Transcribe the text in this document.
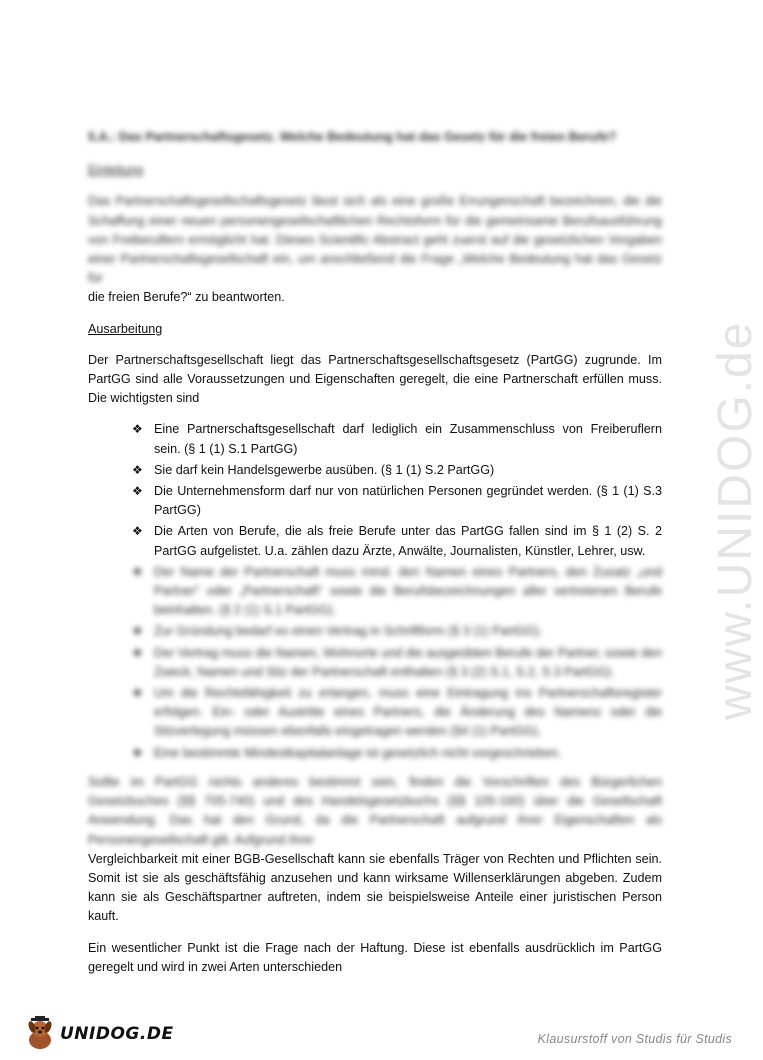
www.UNIDOG.de
5.A.: Das Partnerschaftsgesetz. Welche Bedeutung hat das Gesetz für die freien Berufe?
Einleitung

Das Partnerschaftsgesellschaftsgesetz lässt sich als eine große Errungenschaft bezeichnen, die die Schaffung einer neuen personengesellschaftlichen Rechtsform für die gemeinsame Berufsausführung von Freiberuflern ermöglicht hat. Dieses Scientific Abstract geht zuerst auf die gesetzlichen Vorgaben einer Partnerschaftsgesellschaft ein, um anschließend die Frage „Welche Bedeutung hat das Gesetz für
die freien Berufe?“ zu beantworten.

Ausarbeitung

Der Partnerschaftsgesellschaft liegt das Partnerschaftsgesellschaftsgesetz (PartGG) zugrunde. Im PartGG sind alle Voraussetzungen und Eigenschaften geregelt, die eine Partnerschaft erfüllen muss. Die wichtigsten sind

❖ Eine Partnerschaftsgesellschaft darf lediglich ein Zusammenschluss von Freiberuflern sein. (§ 1 (1) S.1 PartGG)
❖ Sie darf kein Handelsgewerbe ausüben. (§ 1 (1) S.2 PartGG)
❖ Die Unternehmensform darf nur von natürlichen Personen gegründet werden. (§ 1 (1) S.3 PartGG)
❖ Die Arten von Berufe, die als freie Berufe unter das PartGG fallen sind im § 1 (2) S. 2 PartGG aufgelistet. U.a. zählen dazu Ärzte, Anwälte, Journalisten, Künstler, Lehrer, usw.
❖ Der Name der Partnerschaft muss mind. den Namen eines Partners, den Zusatz „und Partner“ oder „Partnerschaft“ sowie die Berufsbezeichnungen aller vertretenen Berufe beinhalten. (§ 2 (1) S.1 PartGG).
❖ Zur Gründung bedarf es einen Vertrag in Schriftform (§ 3 (1) PartGG).
❖ Der Vertrag muss die Namen, Wohnorte und die ausgeübten Berufe der Partner, sowie den Zweck, Namen und Sitz der Partnerschaft enthalten (§ 3 (2) S.1, S.2, S.3 PartGG).
❖ Um die Rechtsfähigkeit zu erlangen, muss eine Eintragung ins Partnerschaftsregister erfolgen. Ein- oder Austritte eines Partners, die Änderung des Namens oder die Sitzverlegung müssen ebenfalls eingetragen werden (§4 (1) PartGG).
❖ Eine bestimmte Mindestkapitalanlage ist gesetzlich nicht vorgeschrieben.

Sollte im PartGG nichts anderes bestimmt sein, finden die Vorschriften des Bürgerlichen Gesetzbuches (§§ 705-740) und des Handelsgesetzbuchs (§§ 105-160) über die Gesellschaft Anwendung. Das hat den Grund, da die Partnerschaft aufgrund ihrer Eigenschaften als Personengesellschaft gilt. Aufgrund ihrer
Vergleichbarkeit mit einer BGB-Gesellschaft kann sie ebenfalls Träger von Rechten und Pflichten sein. Somit ist sie als geschäftsfähig anzusehen und kann wirksame Willenserklärungen abgeben. Zudem kann sie als Geschäftspartner auftreten, indem sie beispielsweise Anteile einer juristischen Person kauft.

Ein wesentlicher Punkt ist die Frage nach der Haftung. Diese ist ebenfalls ausdrücklich im PartGG geregelt und wird in zwei Arten unterschieden

UNIDOG.DE	Klausurstoff von Studis für Studis
